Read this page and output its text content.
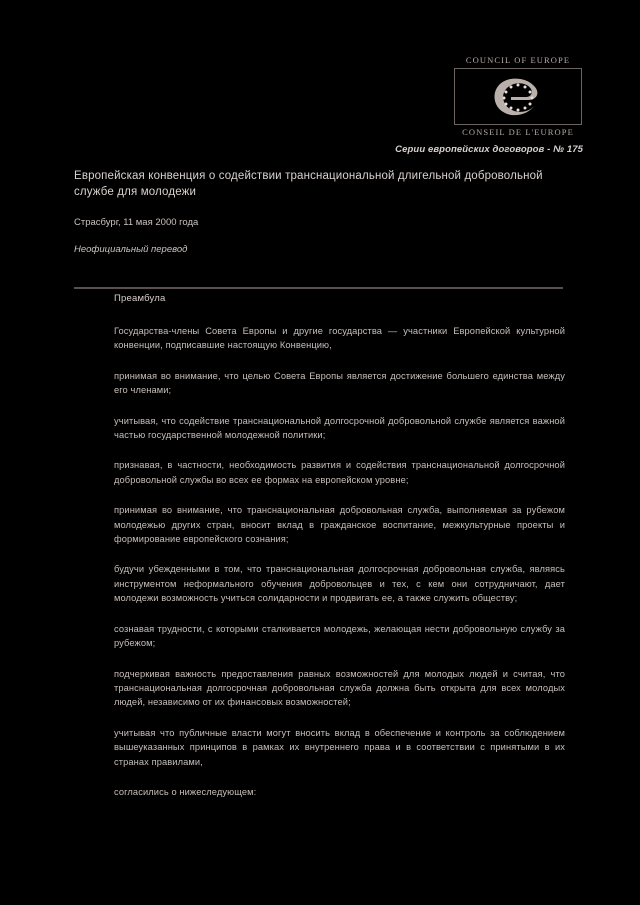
COUNCIL OF EUROPE
CONSEIL DE L'EUROPE
Серии европейских договоров - № 175
Европейская конвенция о содействии транснациональной длигельной добровольной службе для молодежи
Страсбург, 11 мая 2000 года
Неофициальный перевод

Преамбула

Государства-члены Совета Европы и другие государства — участники Европейской культурной конвенции, подписавшие настоящую Конвенцию,

принимая во внимание, что целью Совета Европы является достижение большего единства между его членами;

учитывая, что содействие транснациональной долгосрочной добровольной службе является важной частью государственной молодежной политики;

признавая, в частности, необходимость развития и содействия транснациональной долгосрочной добровольной службы во всех ее формах на европейском уровне;

принимая во внимание, что транснациональная добровольная служба, выполняемая за рубежом молодежью других стран, вносит вклад в гражданское воспитание, межкультурные проекты и формирование европейского сознания;

будучи убежденными в том, что транснациональная долгосрочная добровольная служба, являясь инструментом неформального обучения добровольцев и тех, с кем они сотрудничают, дает молодежи возможность учиться солидарности и продвигать ее, а также служить обществу;

сознавая трудности, с которыми сталкивается молодежь, желающая нести добровольную службу за рубежом;

подчеркивая важность предоставления равных возможностей для молодых людей и считая, что транснациональная долгосрочная добровольная служба должна быть открыта для всех молодых людей, независимо от их финансовых возможностей;

учитывая что публичные власти могут вносить вклад в обеспечение и контроль за соблюдением вышеуказанных принципов в рамках их внутреннего права и в соответствии с принятыми в их странах правилами,

согласились о нижеследующем:
